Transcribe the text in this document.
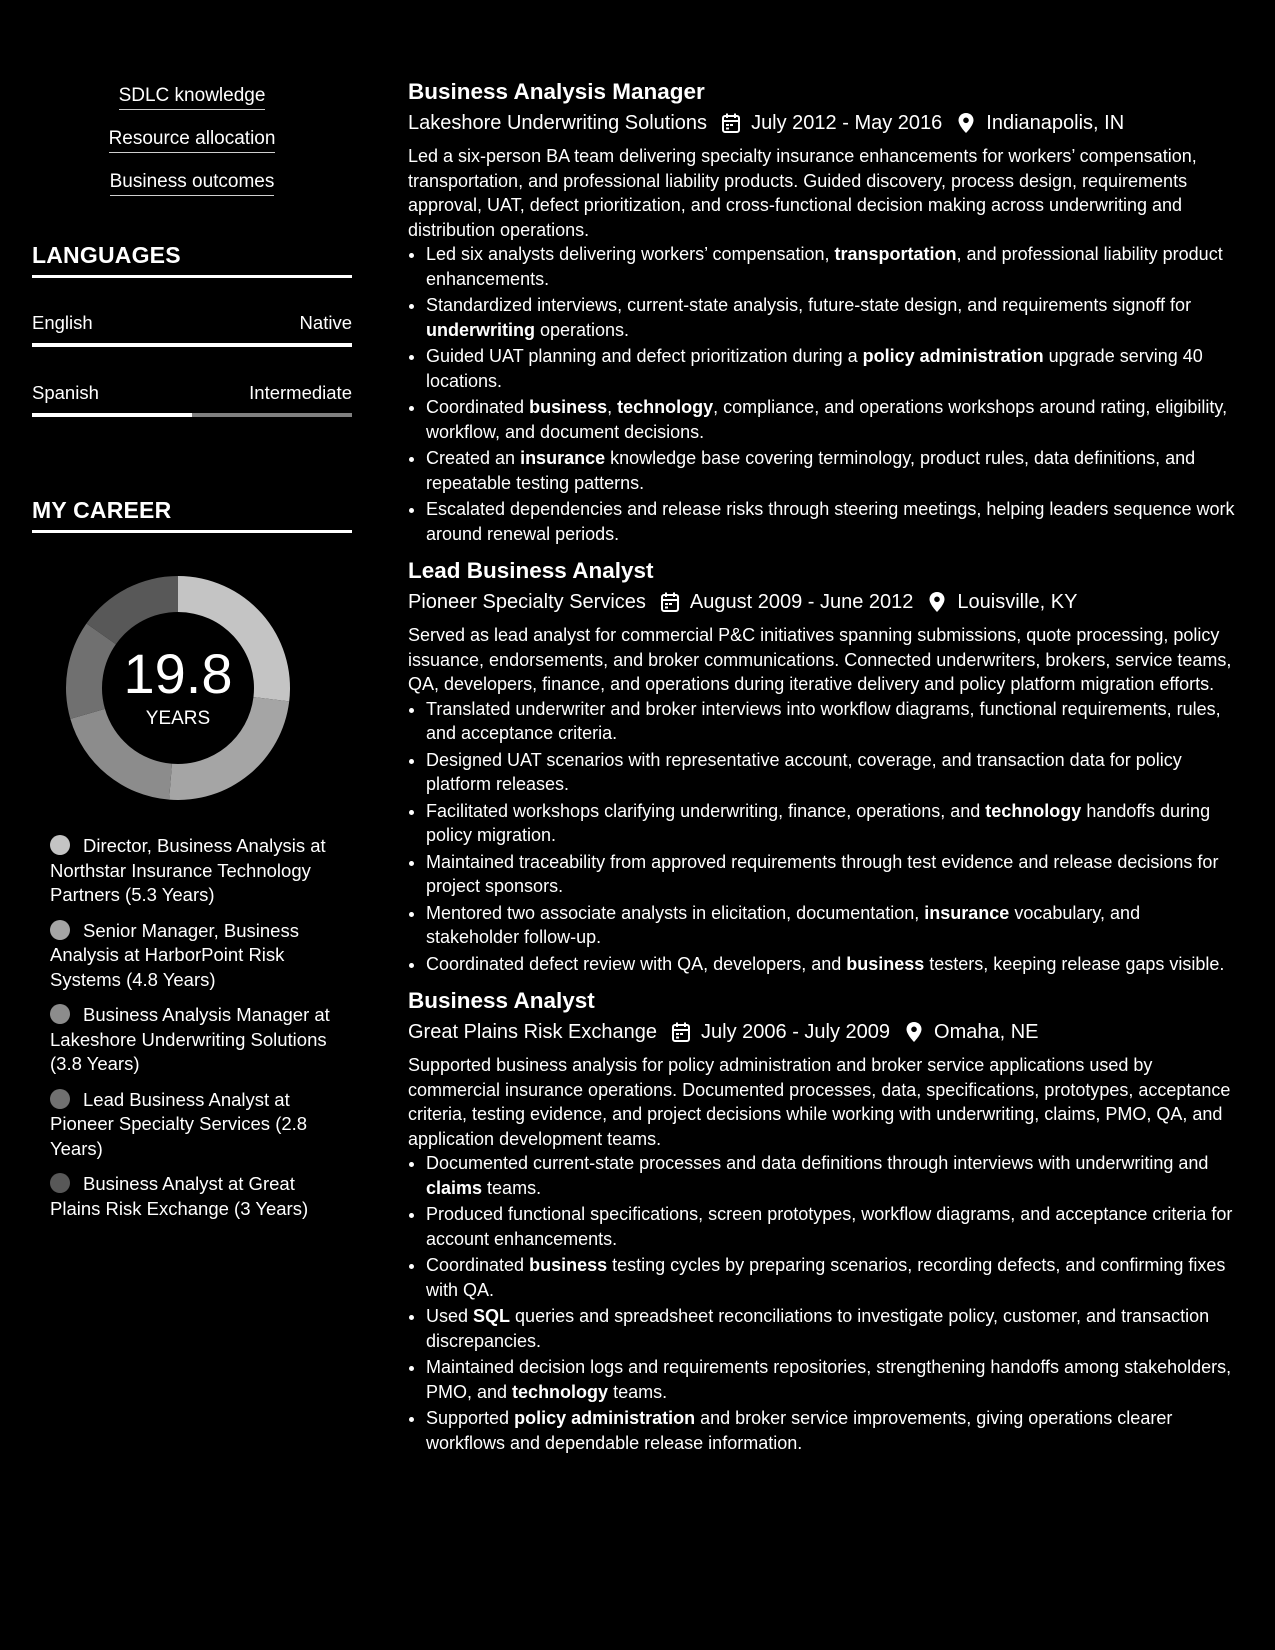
SDLC knowledge
Resource allocation
Business outcomes
LANGUAGES
English	Native
Spanish	Intermediate
MY CAREER
19.8
YEARS
Director, Business Analysis at Northstar Insurance Technology Partners (5.3 Years)
Senior Manager, Business Analysis at HarborPoint Risk Systems (4.8 Years)
Business Analysis Manager at Lakeshore Underwriting Solutions (3.8 Years)
Lead Business Analyst at Pioneer Specialty Services (2.8 Years)
Business Analyst at Great Plains Risk Exchange (3 Years)
Business Analysis Manager
Lakeshore Underwriting Solutions July 2012 - May 2016 Indianapolis, IN
Led a six-person BA team delivering specialty insurance enhancements for workers’ compensation, transportation, and professional liability products. Guided discovery, process design, requirements approval, UAT, defect prioritization, and cross-functional decision making across underwriting and distribution operations.
• Led six analysts delivering workers’ compensation, transportation, and professional liability product enhancements.
• Standardized interviews, current-state analysis, future-state design, and requirements signoff for underwriting operations.
• Guided UAT planning and defect prioritization during a policy administration upgrade serving 40 locations.
• Coordinated business, technology, compliance, and operations workshops around rating, eligibility, workflow, and document decisions.
• Created an insurance knowledge base covering terminology, product rules, data definitions, and repeatable testing patterns.
• Escalated dependencies and release risks through steering meetings, helping leaders sequence work around renewal periods.
Lead Business Analyst
Pioneer Specialty Services August 2009 - June 2012 Louisville, KY
Served as lead analyst for commercial P&C initiatives spanning submissions, quote processing, policy issuance, endorsements, and broker communications. Connected underwriters, brokers, service teams, QA, developers, finance, and operations during iterative delivery and policy platform migration efforts.
• Translated underwriter and broker interviews into workflow diagrams, functional requirements, rules, and acceptance criteria.
• Designed UAT scenarios with representative account, coverage, and transaction data for policy platform releases.
• Facilitated workshops clarifying underwriting, finance, operations, and technology handoffs during policy migration.
• Maintained traceability from approved requirements through test evidence and release decisions for project sponsors.
• Mentored two associate analysts in elicitation, documentation, insurance vocabulary, and stakeholder follow-up.
• Coordinated defect review with QA, developers, and business testers, keeping release gaps visible.
Business Analyst
Great Plains Risk Exchange July 2006 - July 2009 Omaha, NE
Supported business analysis for policy administration and broker service applications used by commercial insurance operations. Documented processes, data, specifications, prototypes, acceptance criteria, testing evidence, and project decisions while working with underwriting, claims, PMO, QA, and application development teams.
• Documented current-state processes and data definitions through interviews with underwriting and claims teams.
• Produced functional specifications, screen prototypes, workflow diagrams, and acceptance criteria for account enhancements.
• Coordinated business testing cycles by preparing scenarios, recording defects, and confirming fixes with QA.
• Used SQL queries and spreadsheet reconciliations to investigate policy, customer, and transaction discrepancies.
• Maintained decision logs and requirements repositories, strengthening handoffs among stakeholders, PMO, and technology teams.
• Supported policy administration and broker service improvements, giving operations clearer workflows and dependable release information.
